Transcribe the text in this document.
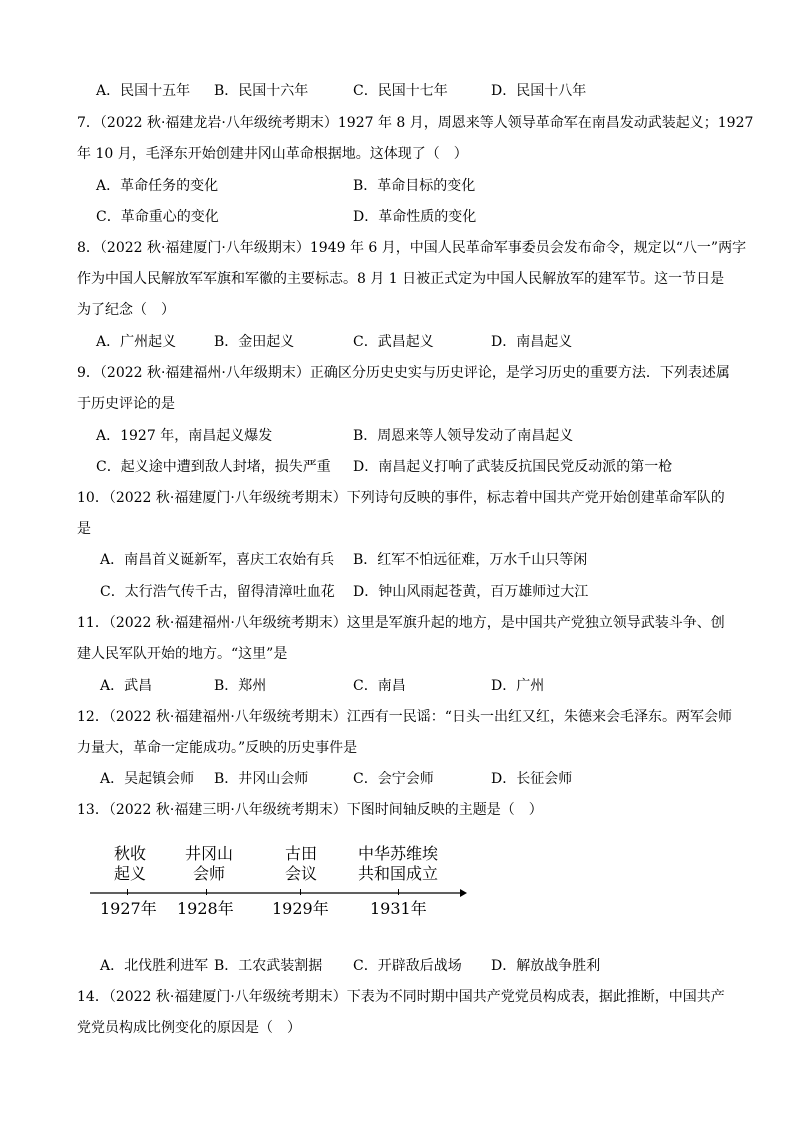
A．民国十五年 B．民国十六年	C．民国十七年	D．民国十八年
7．（2022 秋·福建龙岩·八年级统考期末）1927 年 8 月，周恩来等人领导革命军在南昌发动武装起义；1927
年 10 月，毛泽东开始创建井冈山革命根据地。这体现了（　）
A．革命任务的变化	B．革命目标的变化
C．革命重心的变化	D．革命性质的变化
8．（2022 秋·福建厦门·八年级期末）1949 年 6 月，中国人民革命军事委员会发布命令，规定以“八一”两字
作为中国人民解放军军旗和军徽的主要标志。8 月 1 日被正式定为中国人民解放军的建军节。这一节日是
为了纪念（　）
A．广州起义	B．金田起义	C．武昌起义	D．南昌起义
9．（2022 秋·福建福州·八年级期末）正确区分历史史实与历史评论，是学习历史的重要方法．下列表述属
于历史评论的是
A．1927 年，南昌起义爆发	B．周恩来等人领导发动了南昌起义
C．起义途中遭到敌人封堵，损失严重 D．南昌起义打响了武装反抗国民党反动派的第一枪
10．（2022 秋·福建厦门·八年级统考期末）下列诗句反映的事件，标志着中国共产党开始创建革命军队的
是
A．南昌首义诞新军，喜庆工农始有兵 B．红军不怕远征难，万水千山只等闲
C．太行浩气传千古，留得清漳吐血花 D．钟山风雨起苍黄，百万雄师过大江
11．（2022 秋·福建福州·八年级统考期末）这里是军旗升起的地方，是中国共产党独立领导武装斗争、创
建人民军队开始的地方。“这里”是
A．武昌	B．郑州	C．南昌	D．广州
12．（2022 秋·福建福州·八年级统考期末）江西有一民谣：“日头一出红又红，朱德来会毛泽东。两军会师
力量大，革命一定能成功。”反映的历史事件是
A．吴起镇会师 B．井冈山会师	C．会宁会师	D．长征会师
13．（2022 秋·福建三明·八年级统考期末）下图时间轴反映的主题是（　）
秋收
起义
井冈山
会师
古田
会议
中华苏维埃
共和国成立
1927年 1928年 1929年	1931年
A．北伐胜利进军 B．工农武装割据 C．开辟敌后战场 D．解放战争胜利
14．（2022 秋·福建厦门·八年级统考期末）下表为不同时期中国共产党党员构成表，据此推断，中国共产
党党员构成比例变化的原因是（　）
